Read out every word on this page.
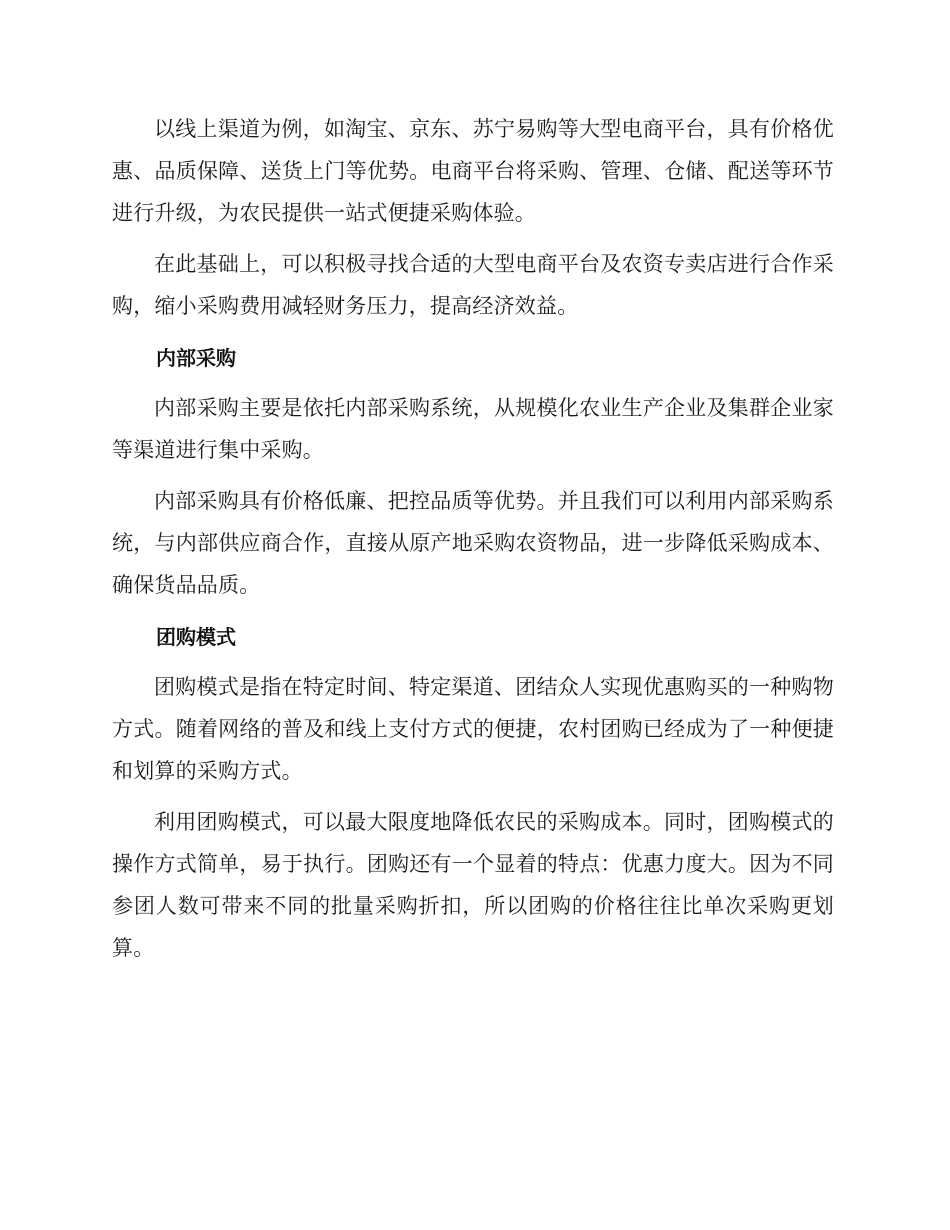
以线上渠道为例，如淘宝、京东、苏宁易购等大型电商平台，具有价格优惠、品质保障、送货上门等优势。电商平台将采购、管理、仓储、配送等环节进行升级，为农民提供一站式便捷采购体验。

在此基础上，可以积极寻找合适的大型电商平台及农资专卖店进行合作采购，缩小采购费用减轻财务压力，提高经济效益。

内部采购

内部采购主要是依托内部采购系统，从规模化农业生产企业及集群企业家等渠道进行集中采购。

内部采购具有价格低廉、把控品质等优势。并且我们可以利用内部采购系统，与内部供应商合作，直接从原产地采购农资物品，进一步降低采购成本、确保货品品质。

团购模式

团购模式是指在特定时间、特定渠道、团结众人实现优惠购买的一种购物方式。随着网络的普及和线上支付方式的便捷，农村团购已经成为了一种便捷和划算的采购方式。

利用团购模式，可以最大限度地降低农民的采购成本。同时，团购模式的操作方式简单，易于执行。团购还有一个显着的特点：优惠力度大。因为不同参团人数可带来不同的批量采购折扣，所以团购的价格往往比单次采购更划算。
